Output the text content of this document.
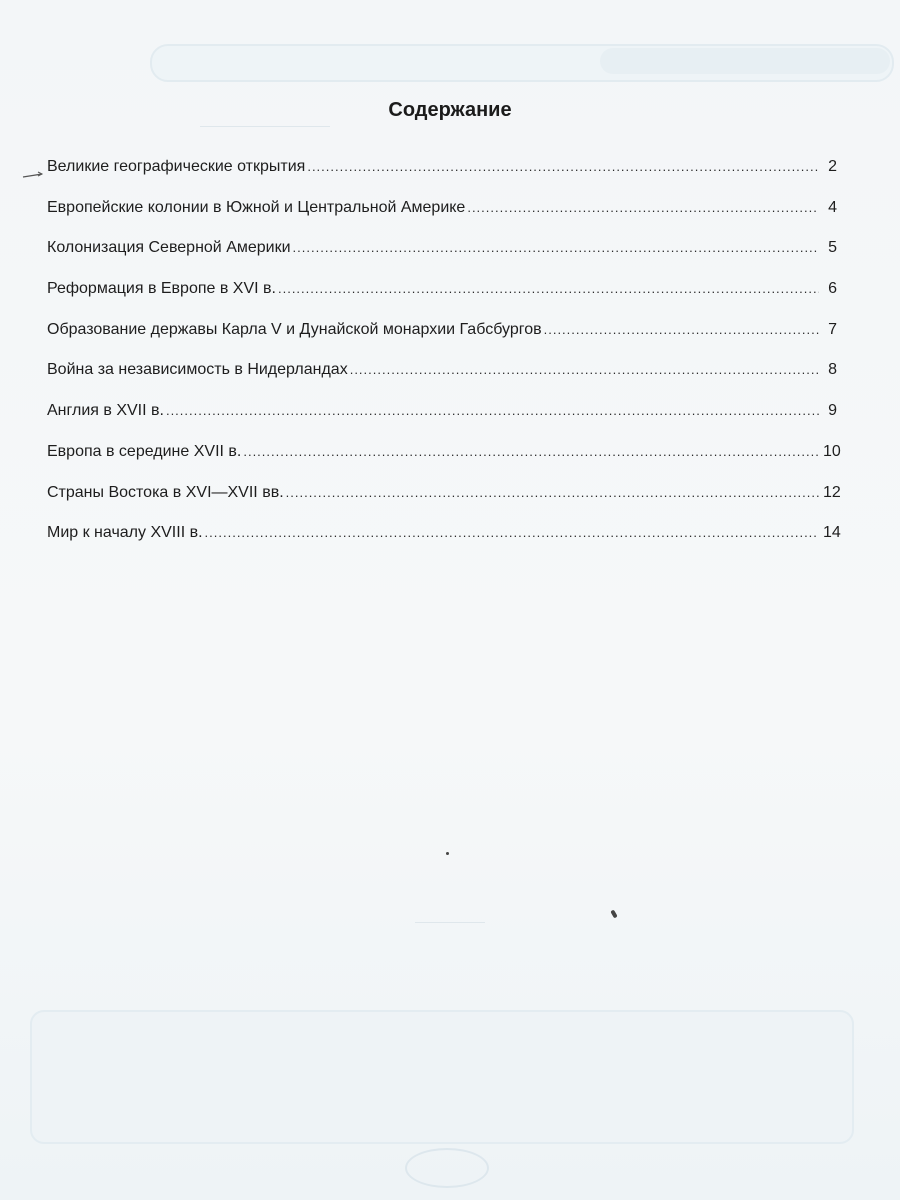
Содержание
Великие географические открытия .....	2
Европейские колонии в Южной и Центральной Америке .....	4
Колонизация Северной Америки .....	5
Реформация в Европе в XVI в. .....	6
Образование державы Карла V и Дунайской монархии Габсбургов .....	7
Война за независимость в Нидерландах .....	8
Англия в XVII в. .....	9
Европа в середине XVII в. .....	10
Страны Востока в XVI—XVII вв. .....	12
Мир к началу XVIII в. .....	14
